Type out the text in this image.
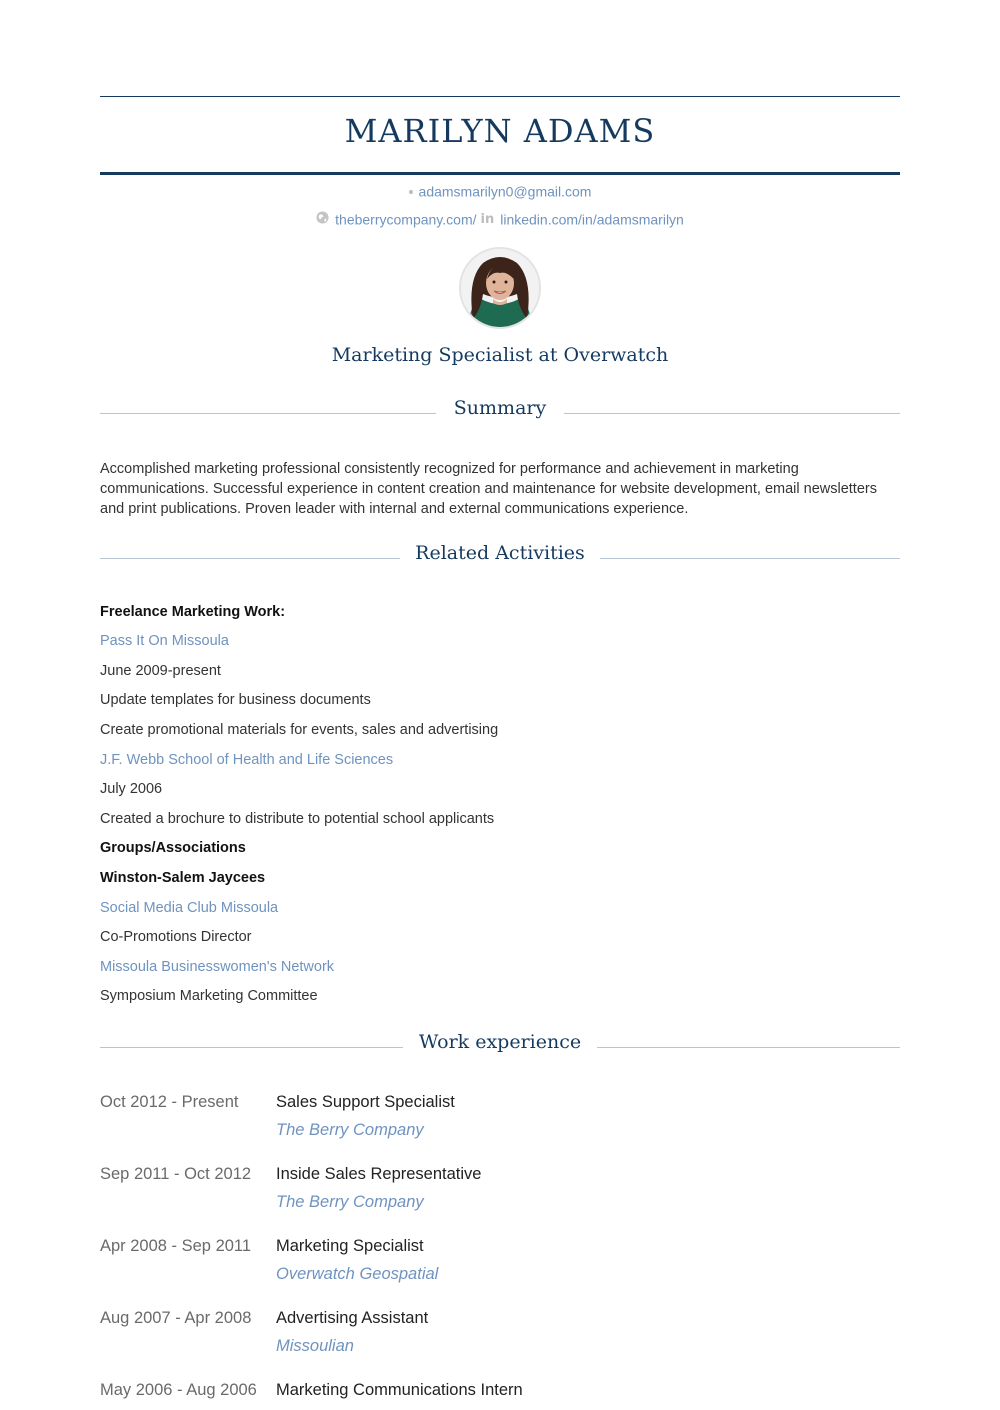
MARILYN ADAMS
adamsmarilyn0@gmail.com
theberrycompany.com/ in linkedin.com/in/adamsmarilyn
Marketing Specialist at Overwatch
Summary
Accomplished marketing professional consistently recognized for performance and achievement in marketing communications. Successful experience in content creation and maintenance for website development, email newsletters and print publications. Proven leader with internal and external communications experience.
Related Activities
Freelance Marketing Work:
Pass It On Missoula
June 2009-present
Update templates for business documents
Create promotional materials for events, sales and advertising
J.F. Webb School of Health and Life Sciences
July 2006
Created a brochure to distribute to potential school applicants
Groups/Associations
Winston-Salem Jaycees
Social Media Club Missoula
Co-Promotions Director
Missoula Businesswomen's Network
Symposium Marketing Committee
Work experience
Oct 2012 - Present Sales Support Specialist
The Berry Company
Sep 2011 - Oct 2012 Inside Sales Representative
The Berry Company
Apr 2008 - Sep 2011 Marketing Specialist
Overwatch Geospatial
Aug 2007 - Apr 2008 Advertising Assistant
Missoulian
May 2006 - Aug 2006 Marketing Communications Intern
